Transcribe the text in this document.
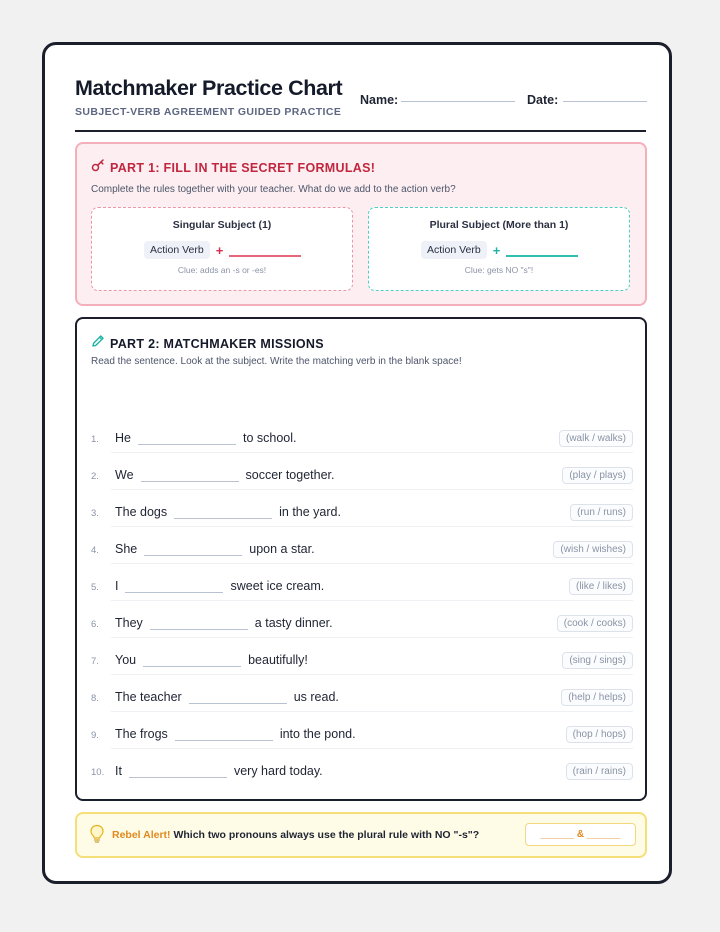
Matchmaker Practice Chart
SUBJECT-VERB AGREEMENT GUIDED PRACTICE
Name:	Date:
PART 1: FILL IN THE SECRET FORMULAS!
Complete the rules together with your teacher. What do we add to the action verb?
Singular Subject (1)
Action Verb +
Clue: adds an -s or -es!
Plural Subject (More than 1)
Action Verb +
Clue: gets NO "s"!
PART 2: MATCHMAKER MISSIONS
Read the sentence. Look at the subject. Write the matching verb in the blank space!
1. He	to school.	(walk / walks)
2. We	soccer together.	(play / plays)
3. The dogs	in the yard.	(run / runs)
4. She	upon a star.	(wish / wishes)
5. I	sweet ice cream.	(like / likes)
6. They	a tasty dinner.	(cook / cooks)
7. You	beautifully!	(sing / sings)
8. The teacher	us read.	(help / helps)
9. The frogs	into the pond.	(hop / hops)
10. It	very hard today.	(rain / rains)
Rebel Alert! Which two pronouns always use the plural rule with NO "-s"?	______ & ______
